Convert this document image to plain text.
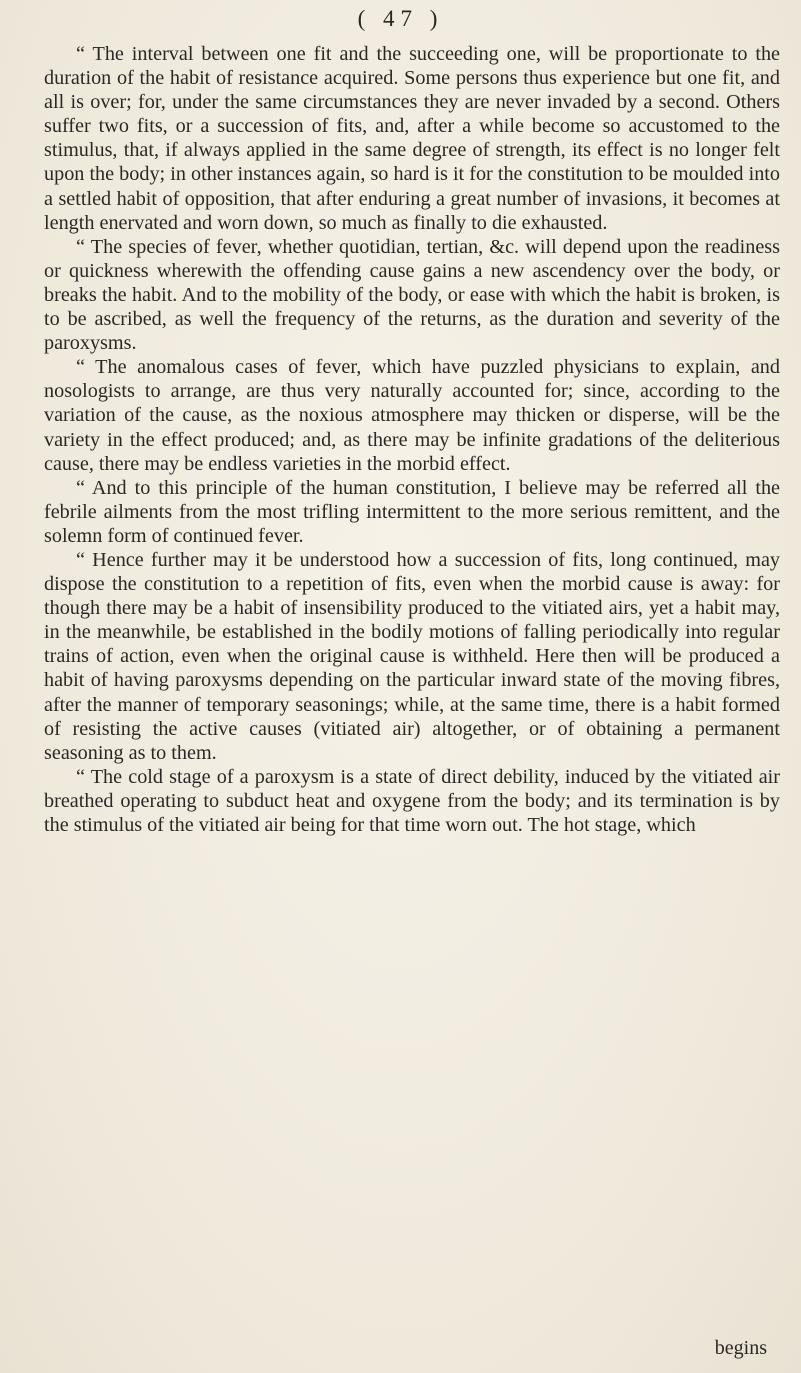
( 47 )

“ The interval between one fit and the succeeding one, will be proportionate to the duration of the habit of resistance acquired. Some persons thus experience but one fit, and all is over; for, under the same circumstances they are never invaded by a second. Others suffer two fits, or a succession of fits, and, after a while become so accustomed to the stimulus, that, if always applied in the same degree of strength, its effect is no longer felt upon the body; in other instances again, so hard is it for the constitution to be moulded into a settled habit of opposition, that after enduring a great number of invasions, it becomes at length enervated and worn down, so much as finally to die exhausted.

“ The species of fever, whether quotidian, tertian, &c. will depend upon the readiness or quickness wherewith the offending cause gains a new ascendency over the body, or breaks the habit. And to the mobility of the body, or ease with which the habit is broken, is to be ascribed, as well the frequency of the returns, as the duration and severity of the paroxysms.

“ The anomalous cases of fever, which have puzzled physicians to explain, and nosologists to arrange, are thus very naturally accounted for; since, according to the variation of the cause, as the noxious atmosphere may thicken or disperse, will be the variety in the effect produced; and, as there may be infinite gradations of the deliterious cause, there may be endless varieties in the morbid effect.

“ And to this principle of the human constitution, I believe may be referred all the febrile ailments from the most trifling intermittent to the more serious remittent, and the solemn form of continued fever.

“ Hence further may it be understood how a succession of fits, long continued, may dispose the constitution to a repetition of fits, even when the morbid cause is away: for though there may be a habit of insensibility produced to the vitiated airs, yet a habit may, in the meanwhile, be established in the bodily motions of falling periodically into regular trains of action, even when the original cause is withheld. Here then will be produced a habit of having paroxysms depending on the particular inward state of the moving fibres, after the manner of temporary seasonings; while, at the same time, there is a habit formed of resisting the active causes (vitiated air) altogether, or of obtaining a permanent seasoning as to them.

“ The cold stage of a paroxysm is a state of direct debility, induced by the vitiated air breathed operating to subduct heat and oxygene from the body; and its termination is by the stimulus of the vitiated air being for that time worn out. The hot stage, which

begins
